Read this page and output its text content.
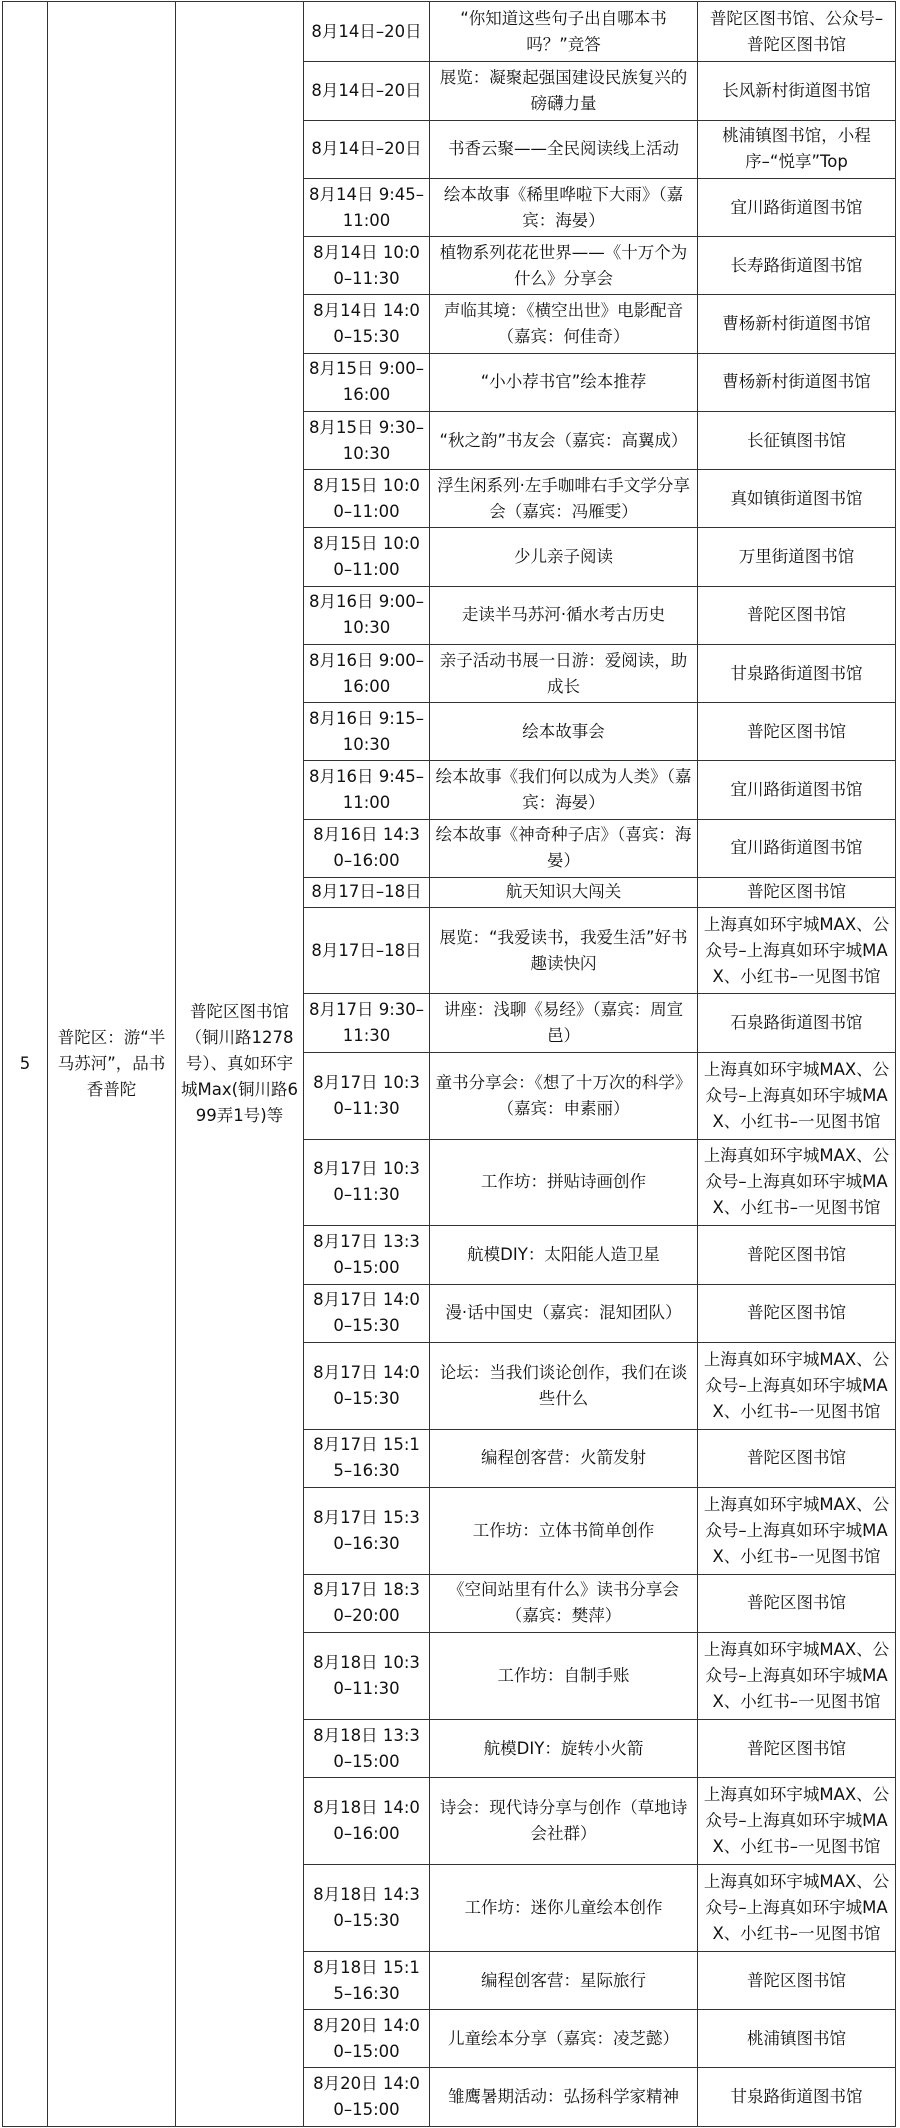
5	普陀区：游“半马苏河”，品书香普陀	普陀区图书馆（铜川路1278号）、真如环宇城Max(铜川路699弄1号)等	8月14日–20日	“你知道这些句子出自哪本书吗？”竞答	普陀区图书馆、公众号–普陀区图书馆
			8月14日–20日	展览：凝聚起强国建设民族复兴的磅礴力量	长风新村街道图书馆
			8月14日–20日	书香云聚——全民阅读线上活动	桃浦镇图书馆，小程序–“悦享”Top
			8月14日 9:45–11:00	绘本故事《稀里哗啦下大雨》（嘉宾：海晏）	宜川路街道图书馆
			8月14日 10:00–11:30	植物系列花花世界——《十万个为什么》分享会	长寿路街道图书馆
			8月14日 14:00–15:30	声临其境：《横空出世》电影配音（嘉宾：何佳奇）	曹杨新村街道图书馆
			8月15日 9:00–16:00	“小小荐书官”绘本推荐	曹杨新村街道图书馆
			8月15日 9:30–10:30	“秋之韵”书友会（嘉宾：高翼成）	长征镇图书馆
			8月15日 10:00–11:00	浮生闲系列·左手咖啡右手文学分享会（嘉宾：冯雁雯）	真如镇街道图书馆
			8月15日 10:00–11:00	少儿亲子阅读	万里街道图书馆
			8月16日 9:00–10:30	走读半马苏河·循水考古历史	普陀区图书馆
			8月16日 9:00–16:00	亲子活动书展一日游：爱阅读，助成长	甘泉路街道图书馆
			8月16日 9:15–10:30	绘本故事会	普陀区图书馆
			8月16日 9:45–11:00	绘本故事《我们何以成为人类》（嘉宾：海晏）	宜川路街道图书馆
			8月16日 14:30–16:00	绘本故事《神奇种子店》（喜宾：海晏）	宜川路街道图书馆
			8月17日–18日	航天知识大闯关	普陀区图书馆
			8月17日–18日	展览：“我爱读书，我爱生活”好书趣读快闪	上海真如环宇城MAX、公众号–上海真如环宇城MAX、小红书–一见图书馆
			8月17日 9:30–11:30	讲座：浅聊《易经》（嘉宾：周宣邑）	石泉路街道图书馆
			8月17日 10:30–11:30	童书分享会：《想了十万次的科学》（嘉宾：申素丽）	上海真如环宇城MAX、公众号–上海真如环宇城MAX、小红书–一见图书馆
			8月17日 10:30–11:30	工作坊：拼贴诗画创作	上海真如环宇城MAX、公众号–上海真如环宇城MAX、小红书–一见图书馆
			8月17日 13:30–15:00	航模DIY：太阳能人造卫星	普陀区图书馆
			8月17日 14:00–15:30	漫·话中国史（嘉宾：混知团队）	普陀区图书馆
			8月17日 14:00–15:30	论坛：当我们谈论创作，我们在谈些什么	上海真如环宇城MAX、公众号–上海真如环宇城MAX、小红书–一见图书馆
			8月17日 15:15–16:30	编程创客营：火箭发射	普陀区图书馆
			8月17日 15:30–16:30	工作坊：立体书简单创作	上海真如环宇城MAX、公众号–上海真如环宇城MAX、小红书–一见图书馆
			8月17日 18:30–20:00	《空间站里有什么》读书分享会（嘉宾：樊萍）	普陀区图书馆
			8月18日 10:30–11:30	工作坊：自制手账	上海真如环宇城MAX、公众号–上海真如环宇城MAX、小红书–一见图书馆
			8月18日 13:30–15:00	航模DIY：旋转小火箭	普陀区图书馆
			8月18日 14:00–16:00	诗会：现代诗分享与创作（草地诗会社群）	上海真如环宇城MAX、公众号–上海真如环宇城MAX、小红书–一见图书馆
			8月18日 14:30–15:30	工作坊：迷你儿童绘本创作	上海真如环宇城MAX、公众号–上海真如环宇城MAX、小红书–一见图书馆
			8月18日 15:15–16:30	编程创客营：星际旅行	普陀区图书馆
			8月20日 14:00–15:00	儿童绘本分享（嘉宾：凌芝懿）	桃浦镇图书馆
			8月20日 14:00–15:00	雏鹰暑期活动：弘扬科学家精神	甘泉路街道图书馆
